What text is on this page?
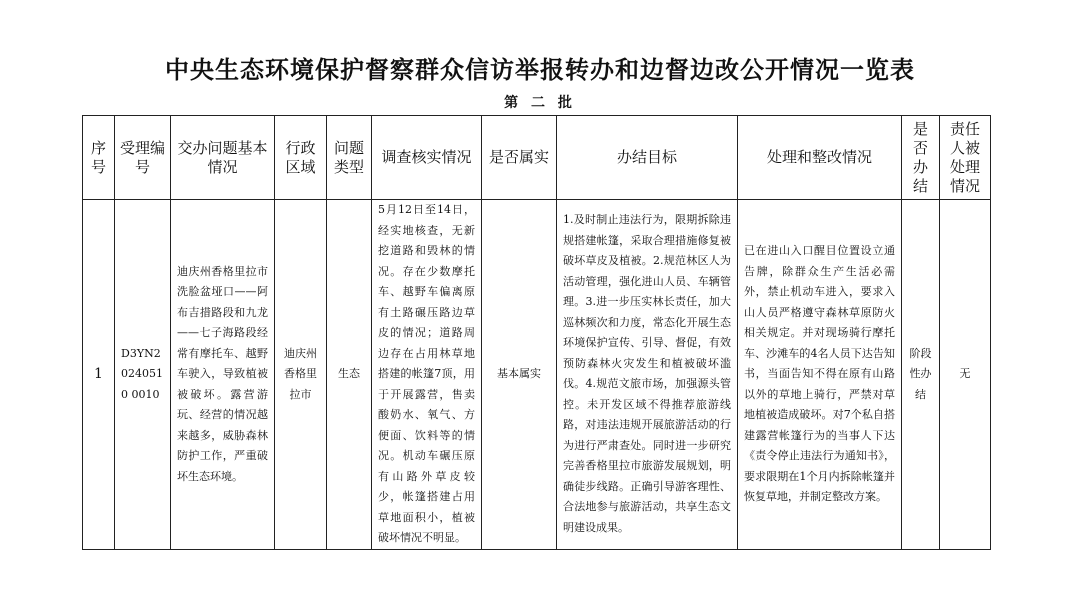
中央生态环境保护督察群众信访举报转办和边督边改公开情况一览表
第 二 批
序号	受理编号	交办问题基本情况	行政区域	问题类型	调查核实情况	是否属实	办结目标	处理和整改情况	是否办结	责任人被处理情况
1	D3YN20240510 0010	迪庆州香格里拉市洗脸盆垭口——阿布吉措路段和九龙——七子海路段经常有摩托车、越野车驶入，导致植被被破坏。露营游玩、经营的情况越来越多，威胁森林防护工作，严重破坏生态环境。	迪庆州香格里拉市	生态	5月12日至14日，经实地核查，无新挖道路和毁林的情况。存在少数摩托车、越野车偏离原有土路碾压路边草皮的情况；道路周边存在占用林草地搭建的帐篷7顶，用于开展露营，售卖酸奶水、氧气、方便面、饮料等的情况。机动车碾压原有山路外草皮较少，帐篷搭建占用草地面积小，植被破坏情况不明显。	基本属实	1.及时制止违法行为，限期拆除违规搭建帐篷，采取合理措施修复被破坏草皮及植被。2.规范林区人为活动管理，强化进山人员、车辆管理。3.进一步压实林长责任，加大巡林频次和力度，常态化开展生态环境保护宣传、引导、督促，有效预防森林火灾发生和植被破坏滥伐。4.规范文旅市场，加强源头管控。未开发区域不得推荐旅游线路，对违法违规开展旅游活动的行为进行严肃查处。同时进一步研究完善香格里拉市旅游发展规划，明确徒步线路。正确引导游客理性、合法地参与旅游活动，共享生态文明建设成果。	已在进山入口醒目位置设立通告牌，除群众生产生活必需外，禁止机动车进入，要求入山人员严格遵守森林草原防火相关规定。并对现场骑行摩托车、沙滩车的4名人员下达告知书，当面告知不得在原有山路以外的草地上骑行，严禁对草地植被造成破坏。对7个私自搭建露营帐篷行为的当事人下达《责令停止违法行为通知书》，要求限期在1个月内拆除帐篷并恢复草地，并制定整改方案。	阶段性办结	无
